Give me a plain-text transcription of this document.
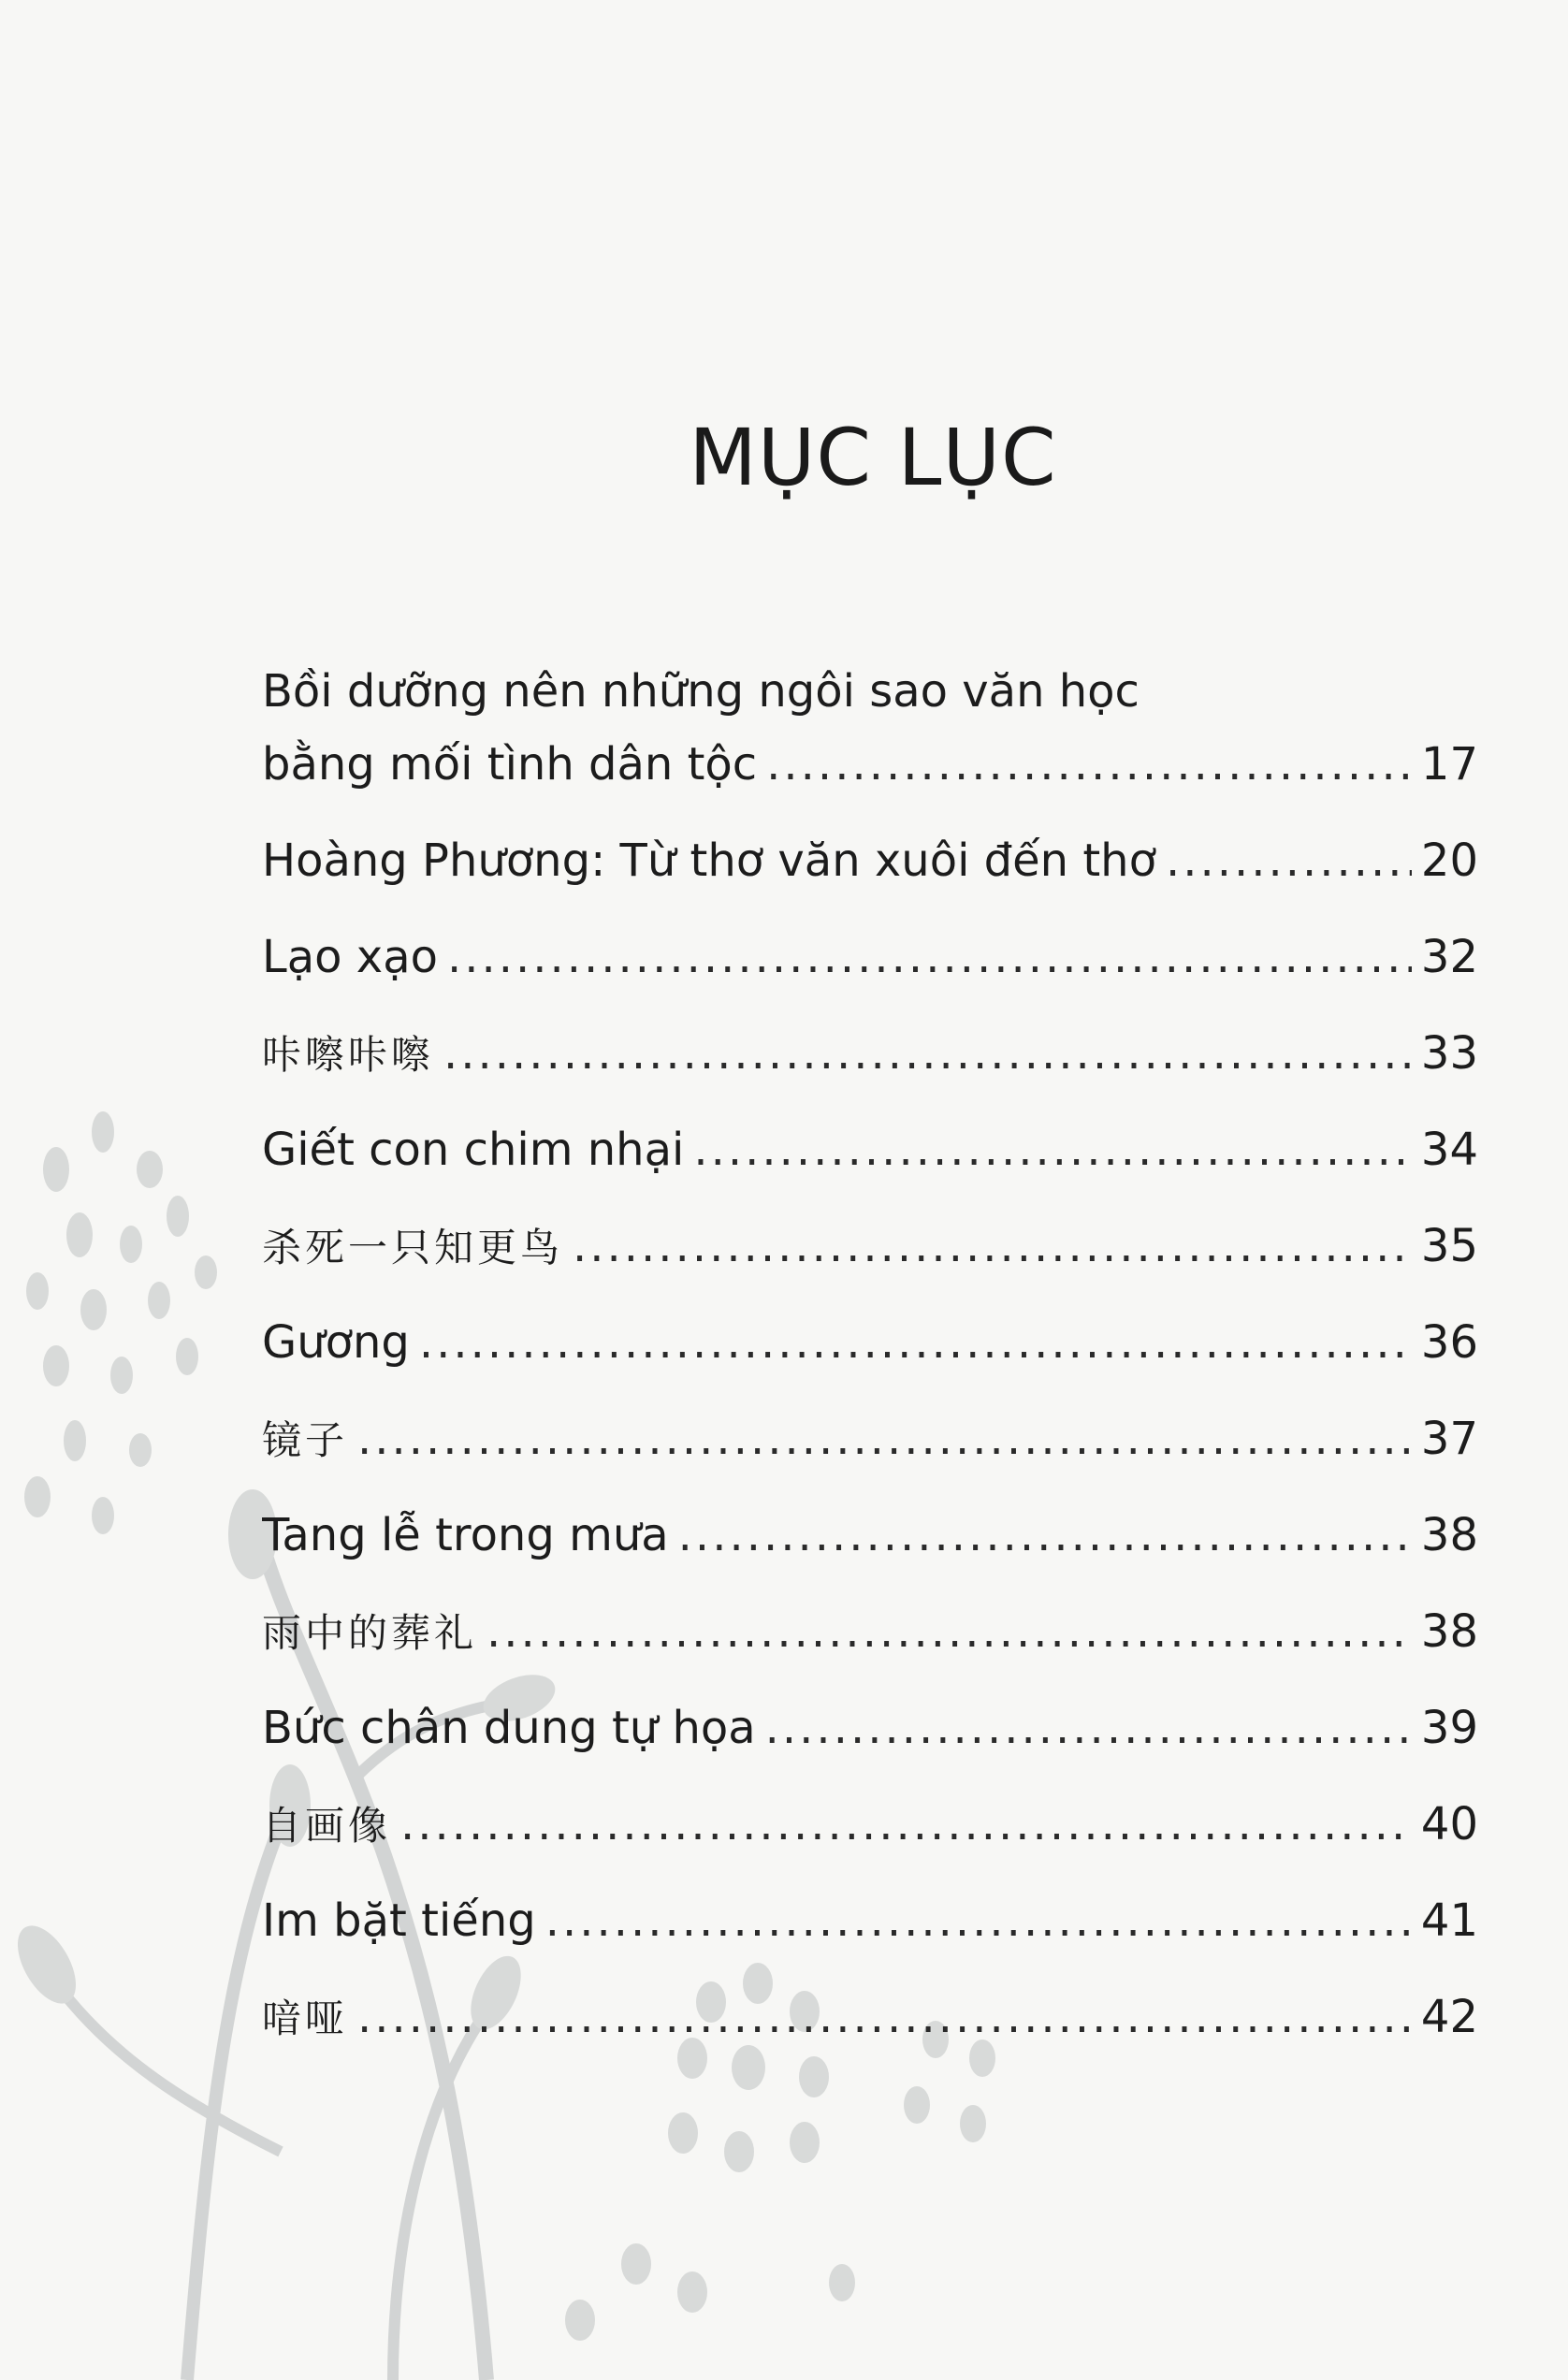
MỤC LỤC
Bồi dưỡng nên những ngôi sao văn học
bằng mối tình dân tộc .....	17
Hoàng Phương: Từ thơ văn xuôi đến thơ .....	20
Lạo xạo .....	32
咔嚓咔嚓 .....	33
Giết con chim nhại .....	34
杀死一只知更鸟 .....	35
Gương .....	36
镜子 .....	37
Tang lễ trong mưa .....	38
雨中的葬礼 .....	38
Bức chân dung tự họa .....	39
自画像 .....	40
Im bặt tiếng .....	41
喑哑 .....	42
